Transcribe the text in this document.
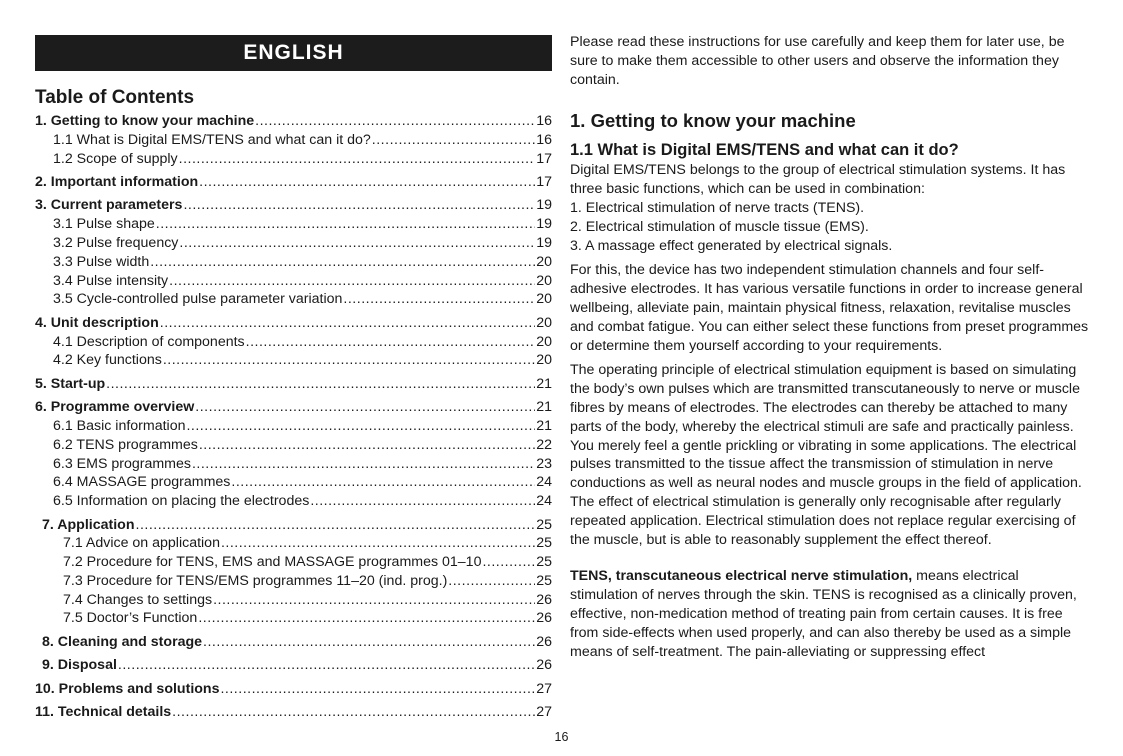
ENGLISH
Table of Contents
1. Getting to know your machine .....	16
1.1 What is Digital EMS/TENS and what can it do? .....	16
1.2 Scope of supply .....	17
2. Important information .....	17
3. Current parameters .....	19
3.1 Pulse shape .....	19
3.2 Pulse frequency .....	19
3.3 Pulse width .....	20
3.4 Pulse intensity .....	20
3.5 Cycle-controlled pulse parameter variation .....	20
4. Unit description .....	20
4.1 Description of components .....	20
4.2 Key functions .....	20
5. Start-up .....	21
6. Programme overview .....	21
6.1 Basic information .....	21
6.2 TENS programmes .....	22
6.3 EMS programmes .....	23
6.4 MASSAGE programmes .....	24
6.5 Information on placing the electrodes .....	24
7. Application .....	25
7.1 Advice on application .....	25
7.2 Procedure for TENS, EMS and MASSAGE programmes 01–10 .....	25
7.3 Procedure for TENS/EMS programmes 11–20 (ind. prog.) .....	25
7.4 Changes to settings .....	26
7.5 Doctor’s Function .....	26
8. Cleaning and storage .....	26
9. Disposal .....	26
10. Problems and solutions .....	27
11. Technical details .....	27

Please read these instructions for use carefully and keep them for later use, be sure to make them accessible to other users and observe the information they contain.

1. Getting to know your machine
1.1 What is Digital EMS/TENS and what can it do?

Digital EMS/TENS belongs to the group of electrical stimulation systems. It has three basic functions, which can be used in combination:

1. Electrical stimulation of nerve tracts (TENS).

2. Electrical stimulation of muscle tissue (EMS).

3. A massage effect generated by electrical signals.

For this, the device has two independent stimulation channels and four self-adhesive electrodes. It has various versatile functions in order to increase general wellbeing, alleviate pain, maintain physical fitness, relaxation, revitalise muscles and combat fatigue. You can either select these functions from preset programmes or determine them yourself according to your requirements.

The operating principle of electrical stimulation equipment is based on simulating the body’s own pulses which are transmitted transcutaneously to nerve or muscle fibres by means of electrodes. The electrodes can thereby be attached to many parts of the body, whereby the electrical stimuli are safe and practically painless. You merely feel a gentle prickling or vibrating in some applications. The electrical pulses transmitted to the tissue affect the transmission of stimulation in nerve conductions as well as neural nodes and muscle groups in the field of application.

The effect of electrical stimulation is generally only recognisable after regularly repeated application. Electrical stimulation does not replace regular exercising of the muscle, but is able to reasonably supplement the effect thereof.

TENS, transcutaneous electrical nerve stimulation, means electrical stimulation of nerves through the skin. TENS is recognised as a clinically proven, effective, non-medication method of treating pain from certain causes. It is free from side-effects when used properly, and can also thereby be used as a simple means of self-treatment. The pain-alleviating or suppressing effect

16
